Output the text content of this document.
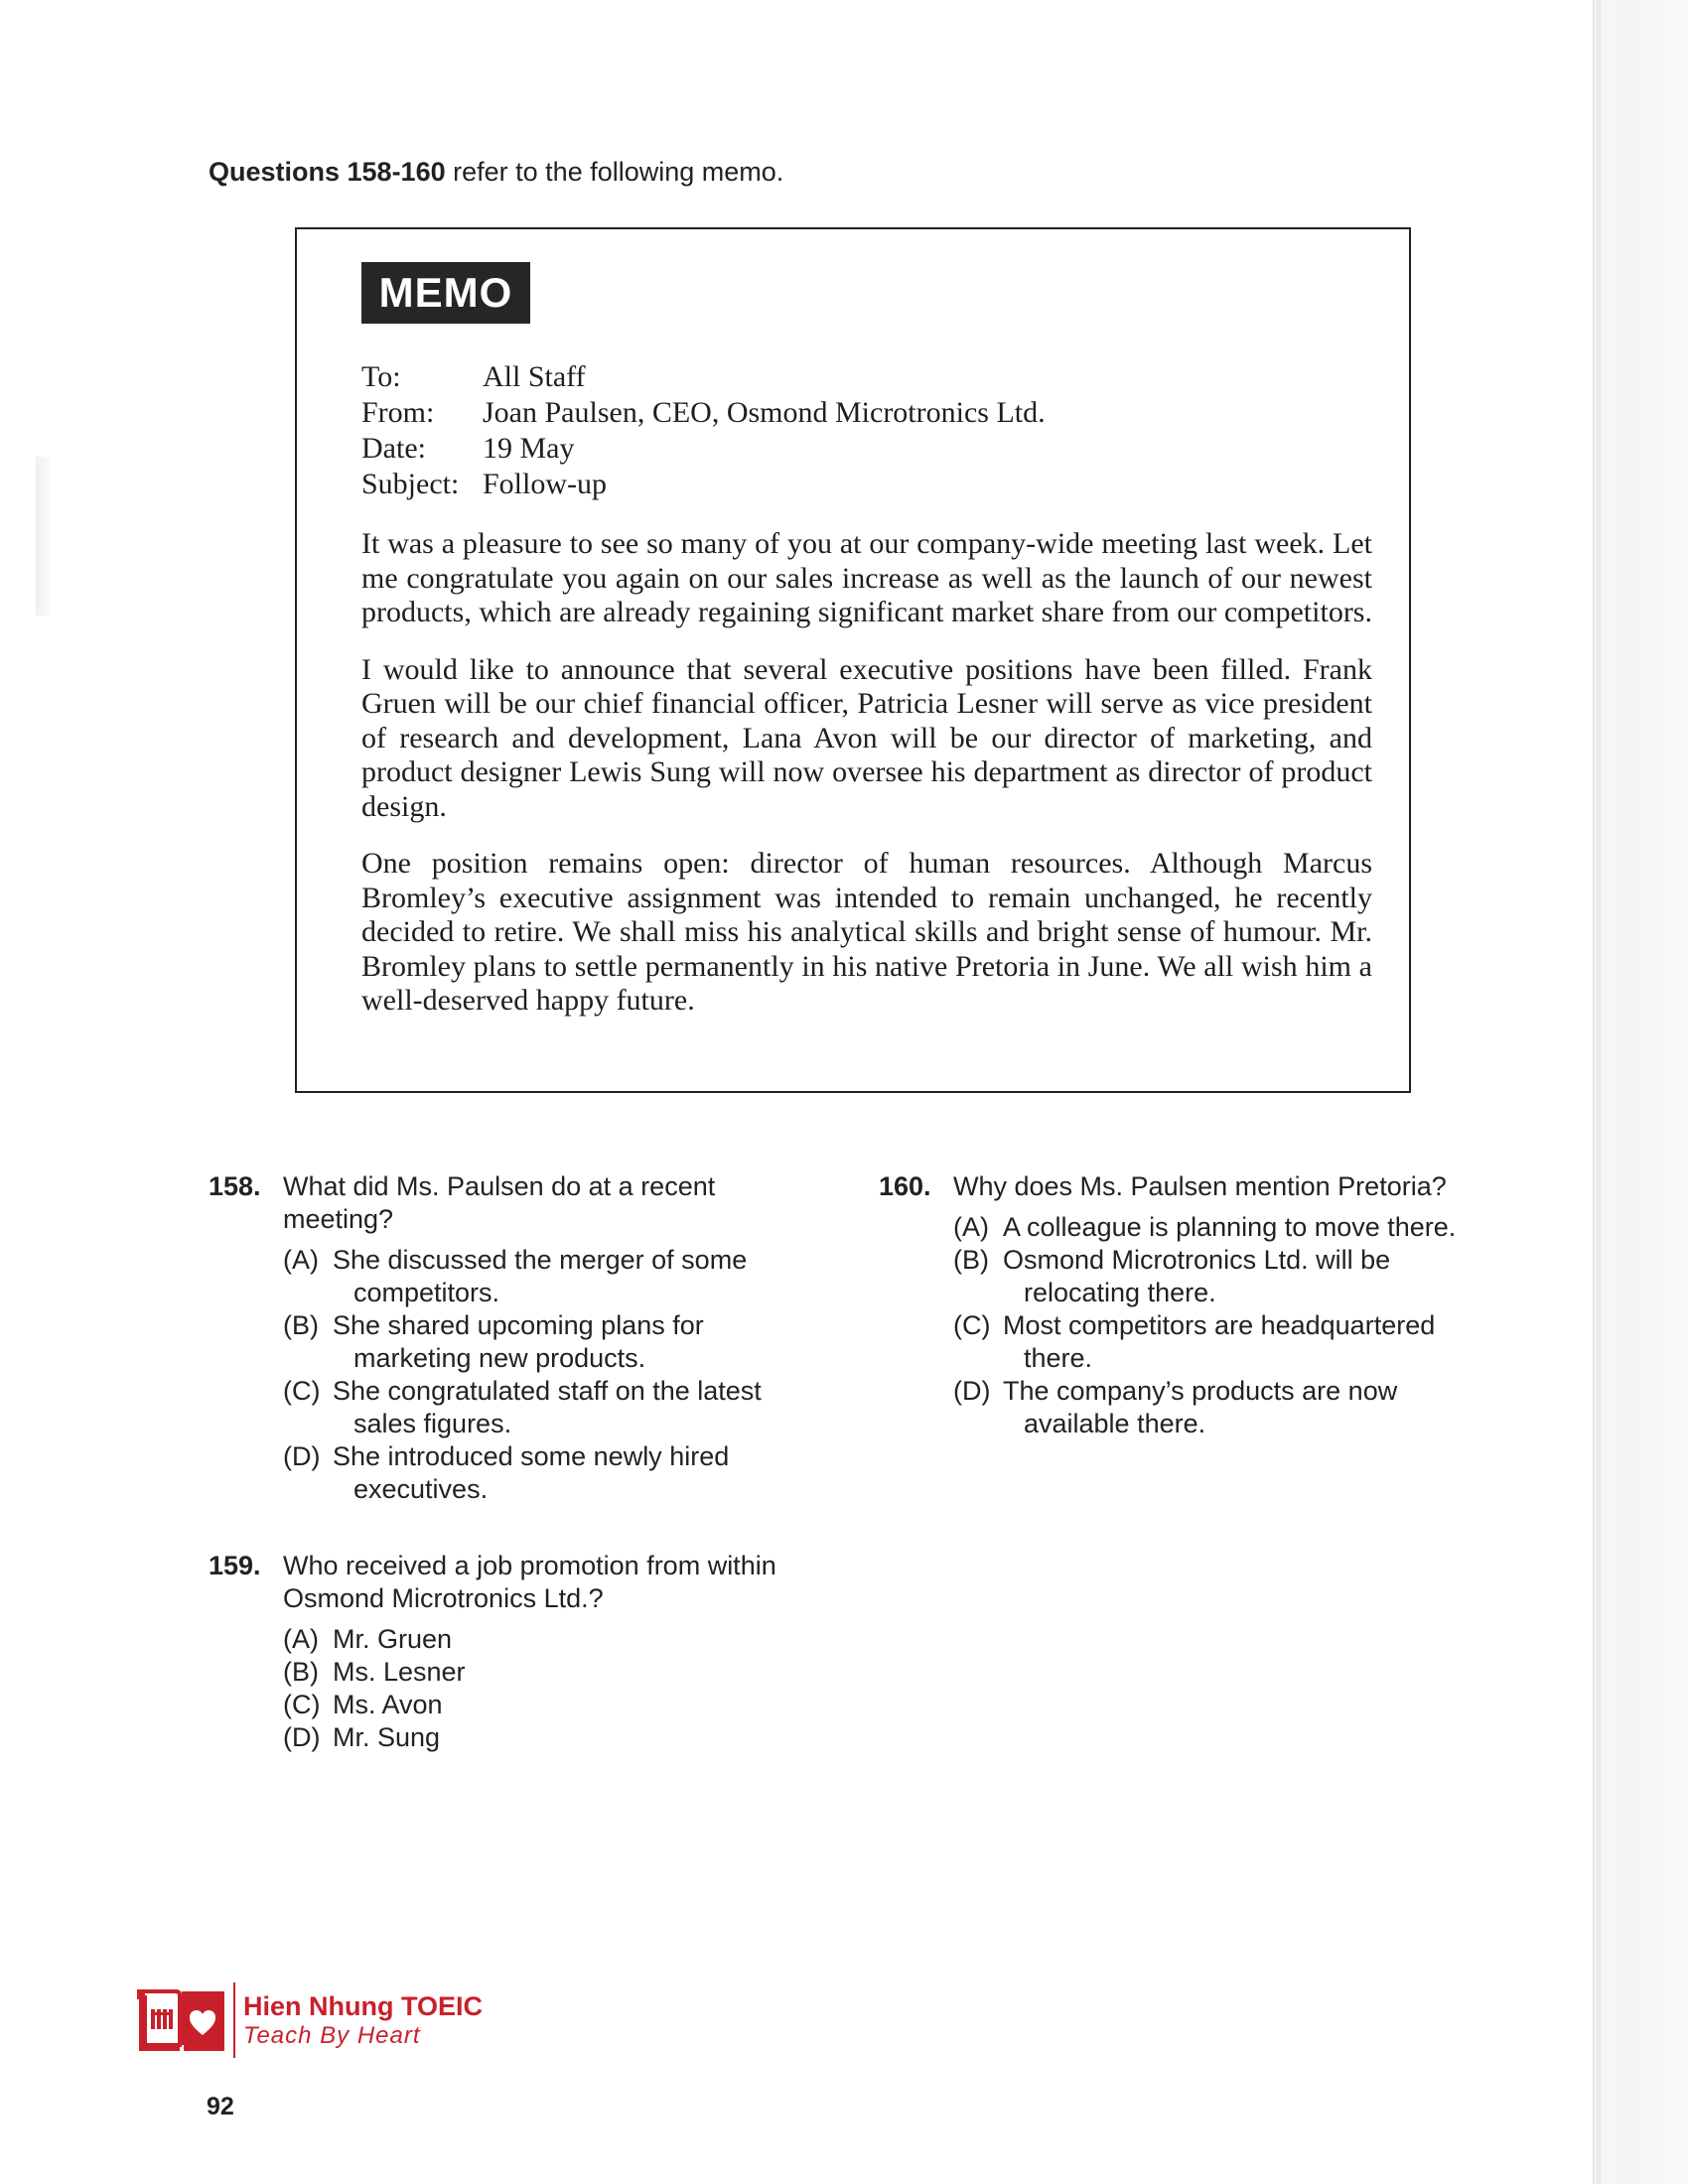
Questions 158-160 refer to the following memo.
MEMO
To:	All Staff
From:	Joan Paulsen, CEO, Osmond Microtronics Ltd.
Date:	19 May
Subject: Follow-up

It was a pleasure to see so many of you at our company-wide meeting last week. Let me congratulate you again on our sales increase as well as the launch of our newest products, which are already regaining significant market share from our competitors.

I would like to announce that several executive positions have been filled. Frank Gruen will be our chief financial officer, Patricia Lesner will serve as vice president of research and development, Lana Avon will be our director of marketing, and product designer Lewis Sung will now oversee his department as director of product design.

One position remains open: director of human resources. Although Marcus Bromley’s executive assignment was intended to remain unchanged, he recently decided to retire. We shall miss his analytical skills and bright sense of humour. Mr. Bromley plans to settle permanently in his native Pretoria in June. We all wish him a well-deserved happy future.

158. What did Ms. Paulsen do at a recent meeting?
(A) She discussed the merger of some competitors.
(B) She shared upcoming plans for marketing new products.
(C) She congratulated staff on the latest sales figures.
(D) She introduced some newly hired executives.
159. Who received a job promotion from within Osmond Microtronics Ltd.?
(A) Mr. Gruen
(B) Ms. Lesner
(C) Ms. Avon
(D) Mr. Sung
160. Why does Ms. Paulsen mention Pretoria?
(A) A colleague is planning to move there.
(B) Osmond Microtronics Ltd. will be relocating there.
(C) Most competitors are headquartered there.
(D) The company’s products are now available there.
Hien Nhung TOEIC
Teach By Heart
92
